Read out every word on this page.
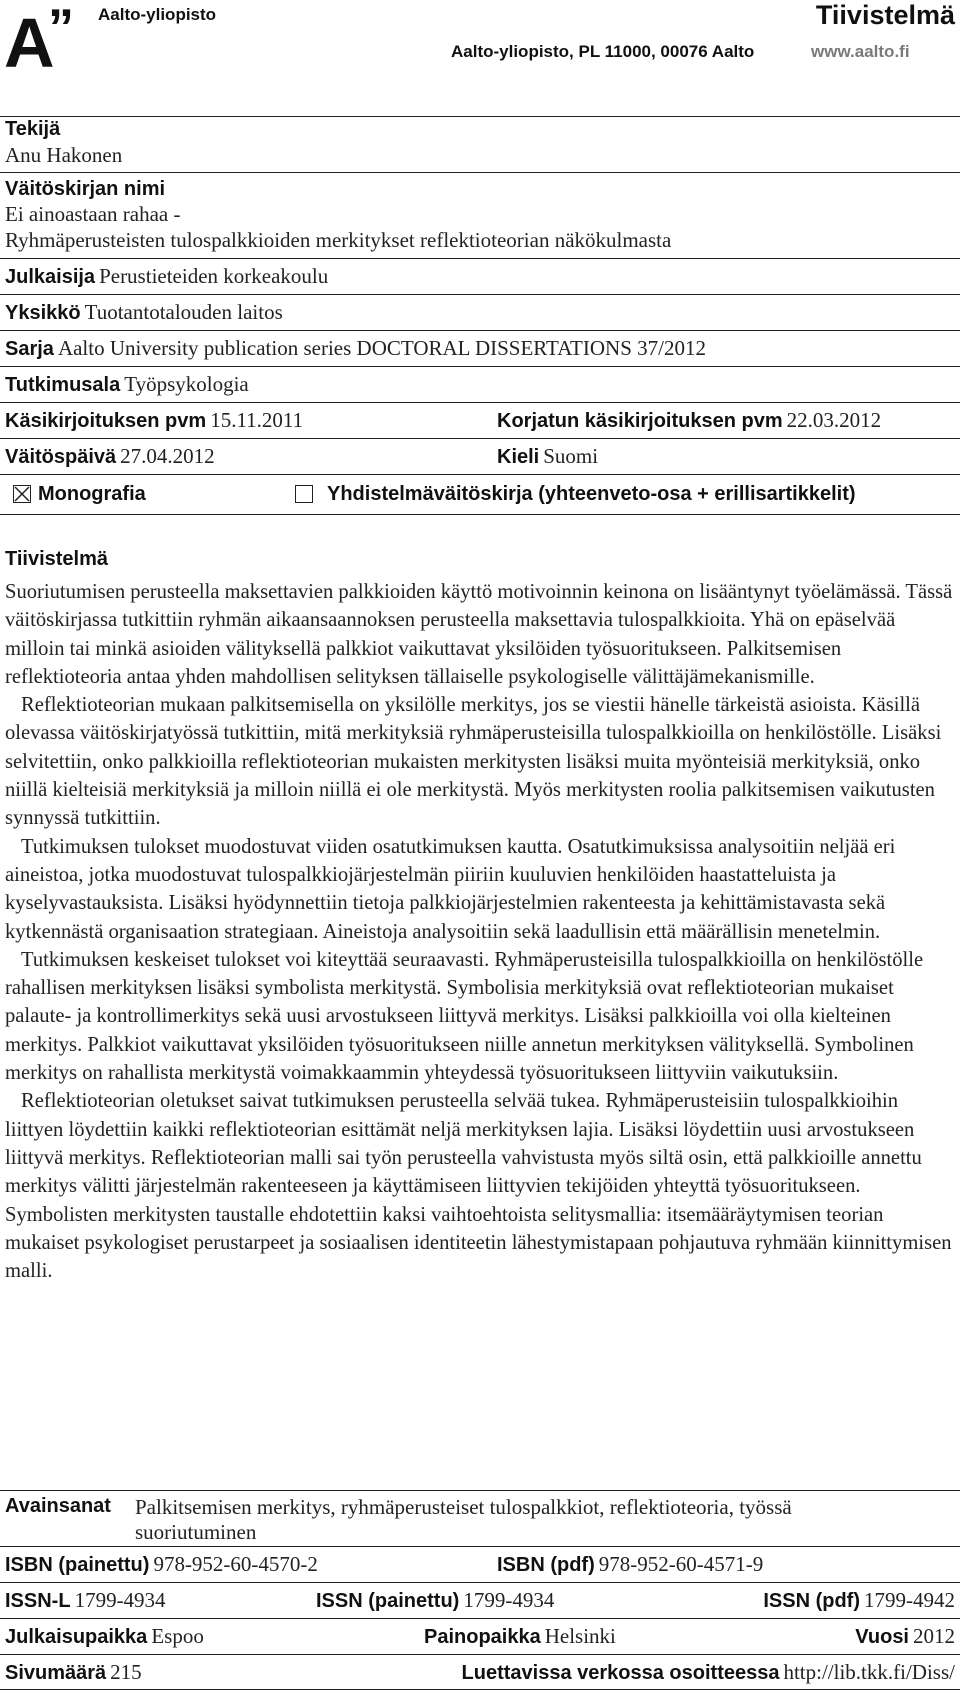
A
” Aalto-yliopisto	Tiivistelmä
Aalto-yliopisto, PL 11000, 00076 Aalto	www.aalto.fi
Tekijä
Anu Hakonen
Väitöskirjan nimi
Ei ainoastaan rahaa -
Ryhmäperusteisten tulospalkkioiden merkitykset reflektioteorian näkökulmasta
Julkaisija Perustieteiden korkeakoulu
Yksikkö Tuotantotalouden laitos
Sarja Aalto University publication series DOCTORAL DISSERTATIONS 37/2012
Tutkimusala Työpsykologia
Käsikirjoituksen pvm 15.11.2011	Korjatun käsikirjoituksen pvm 22.03.2012
Väitöspäivä 27.04.2012	Kieli Suomi
Monografia	Yhdistelmäväitöskirja (yhteenveto-osa + erillisartikkelit)
Tiivistelmä

Suoriutumisen perusteella maksettavien palkkioiden käyttö motivoinnin keinona on lisääntynyt työelämässä. Tässä väitöskirjassa tutkittiin ryhmän aikaansaannoksen perusteella maksettavia tulospalkkioita. Yhä on epäselvää milloin tai minkä asioiden välityksellä palkkiot vaikuttavat yksilöiden työsuoritukseen. Palkitsemisen reflektioteoria antaa yhden mahdollisen selityksen tällaiselle psykologiselle välittäjämekanismille.

Reflektioteorian mukaan palkitsemisella on yksilölle merkitys, jos se viestii hänelle tärkeistä asioista. Käsillä olevassa väitöskirjatyössä tutkittiin, mitä merkityksiä ryhmäperusteisilla tulospalkkioilla on henkilöstölle. Lisäksi selvitettiin, onko palkkioilla reflektioteorian mukaisten merkitysten lisäksi muita myönteisiä merkityksiä, onko niillä kielteisiä merkityksiä ja milloin niillä ei ole merkitystä. Myös merkitysten roolia palkitsemisen vaikutusten synnyssä tutkittiin.

Tutkimuksen tulokset muodostuvat viiden osatutkimuksen kautta. Osatutkimuksissa analysoitiin neljää eri aineistoa, jotka muodostuvat tulospalkkiojärjestelmän piiriin kuuluvien henkilöiden haastatteluista ja kyselyvastauksista. Lisäksi hyödynnettiin tietoja palkkiojärjestelmien rakenteesta ja kehittämistavasta sekä kytkennästä organisaation strategiaan. Aineistoja analysoitiin sekä laadullisin että määrällisin menetelmin.

Tutkimuksen keskeiset tulokset voi kiteyttää seuraavasti. Ryhmäperusteisilla tulospalkkioilla on henkilöstölle rahallisen merkityksen lisäksi symbolista merkitystä. Symbolisia merkityksiä ovat reflektioteorian mukaiset palaute- ja kontrollimerkitys sekä uusi arvostukseen liittyvä merkitys. Lisäksi palkkioilla voi olla kielteinen merkitys. Palkkiot vaikuttavat yksilöiden työsuoritukseen niille annetun merkityksen välityksellä. Symbolinen merkitys on rahallista merkitystä voimakkaammin yhteydessä työsuoritukseen liittyviin vaikutuksiin.

Reflektioteorian oletukset saivat tutkimuksen perusteella selvää tukea. Ryhmäperusteisiin tulospalkkioihin liittyen löydettiin kaikki reflektioteorian esittämät neljä merkityksen lajia. Lisäksi löydettiin uusi arvostukseen liittyvä merkitys. Reflektioteorian malli sai työn perusteella vahvistusta myös siltä osin, että palkkioille annettu merkitys välitti järjestelmän rakenteeseen ja käyttämiseen liittyvien tekijöiden yhteyttä työsuoritukseen. Symbolisten merkitysten taustalle ehdotettiin kaksi vaihtoehtoista selitysmallia: itsemääräytymisen teorian mukaiset psykologiset perustarpeet ja sosiaalisen identiteetin lähestymistapaan pohjautuva ryhmään kiinnittymisen malli.

Avainsanat Palkitsemisen merkitys, ryhmäperusteiset tulospalkkiot, reflektioteoria, työssä
suoriutuminen
ISBN (painettu) 978-952-60-4570-2	ISBN (pdf) 978-952-60-4571-9
ISSN-L 1799-4934	ISSN (painettu) 1799-4934	ISSN (pdf) 1799-4942
Julkaisupaikka Espoo	Painopaikka Helsinki	Vuosi 2012
Sivumäärä 215	Luettavissa verkossa osoitteessa http://lib.tkk.fi/Diss/
